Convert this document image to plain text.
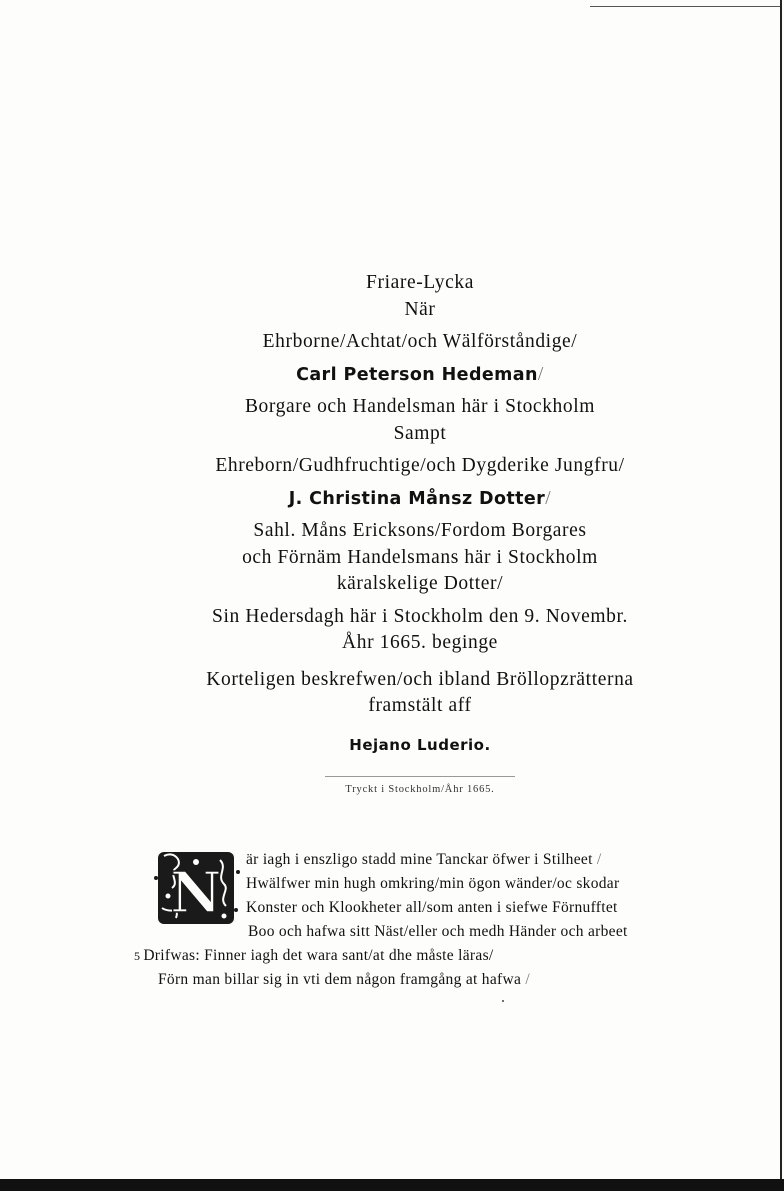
Friare-Lycka
När
Ehrborne/Achtat/och Wälförståndige/
Carl Peterson Hedeman/
Borgare och Handelsman här i Stockholm
Sampt
Ehreborn/Gudhfruchtige/och Dygderike Jungfru/
J. Christina Månsz Dotter/
Sahl. Måns Ericksons/Fordom Borgares
och Förnäm Handelsmans här i Stockholm
käralskelige Dotter/
Sin Hedersdagh här i Stockholm den 9. Novembr.
Åhr 1665. beginge
Korteligen beskrefwen/och ibland Bröllopzrätterna
framstält aff
Hejano Luderio.
Tryckt i Stockholm/Åhr 1665.
N
är iagh i enszligo stadd mine Tanckar öfwer i Stilheet /
Hwälfwer min hugh omkring/min ögon wänder/oc skodar
Konster och Klookheter all/som anten i siefwe Förnufftet
Boo och hafwa sitt Näst/eller och medh Händer och arbeet
5 Drifwas: Finner iagh det wara sant/at dhe måste läras/
Förn man billar sig in vti dem någon framgång at hafwa /
